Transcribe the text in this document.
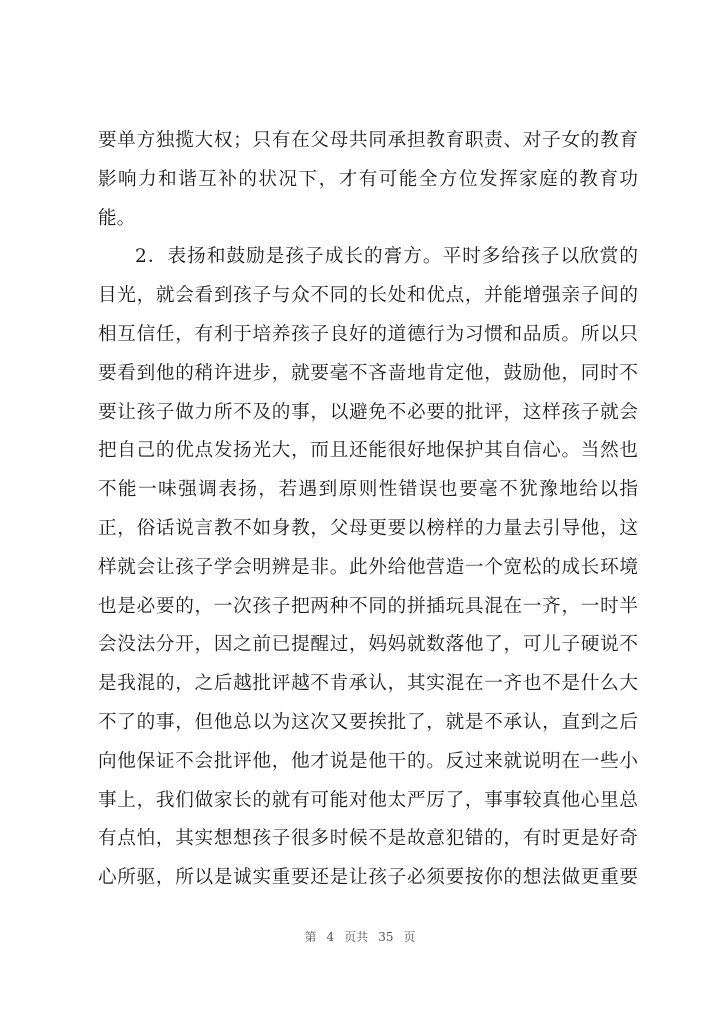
要单方独揽大权；只有在父母共同承担教育职责、对子女的教育
影响力和谐互补的状况下，才有可能全方位发挥家庭的教育功
能。
2．表扬和鼓励是孩子成长的膏方。平时多给孩子以欣赏的
目光，就会看到孩子与众不同的长处和优点，并能增强亲子间的
相互信任，有利于培养孩子良好的道德行为习惯和品质。所以只
要看到他的稍许进步，就要毫不吝啬地肯定他，鼓励他，同时不
要让孩子做力所不及的事，以避免不必要的批评，这样孩子就会
把自己的优点发扬光大，而且还能很好地保护其自信心。当然也
不能一味强调表扬，若遇到原则性错误也要毫不犹豫地给以指
正，俗话说言教不如身教，父母更要以榜样的力量去引导他，这
样就会让孩子学会明辨是非。此外给他营造一个宽松的成长环境
也是必要的，一次孩子把两种不同的拼插玩具混在一齐，一时半
会没法分开，因之前已提醒过，妈妈就数落他了，可儿子硬说不
是我混的，之后越批评越不肯承认，其实混在一齐也不是什么大
不了的事，但他总以为这次又要挨批了，就是不承认，直到之后
向他保证不会批评他，他才说是他干的。反过来就说明在一些小
事上，我们做家长的就有可能对他太严厉了，事事较真他心里总
有点怕，其实想想孩子很多时候不是故意犯错的，有时更是好奇
心所驱，所以是诚实重要还是让孩子必须要按你的想法做更重要
第 4 页共 35 页
